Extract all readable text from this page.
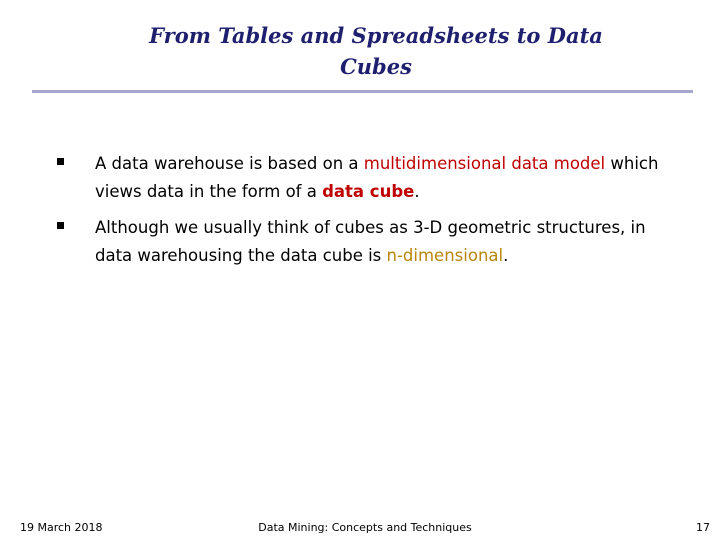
From Tables and Spreadsheets to Data
Cubes
A data warehouse is based on a multidimensional data model which
views data in the form of a data cube.
Although we usually think of cubes as 3-D geometric structures, in
data warehousing the data cube is n-dimensional.
19 March 2018	Data Mining: Concepts and Techniques	17
